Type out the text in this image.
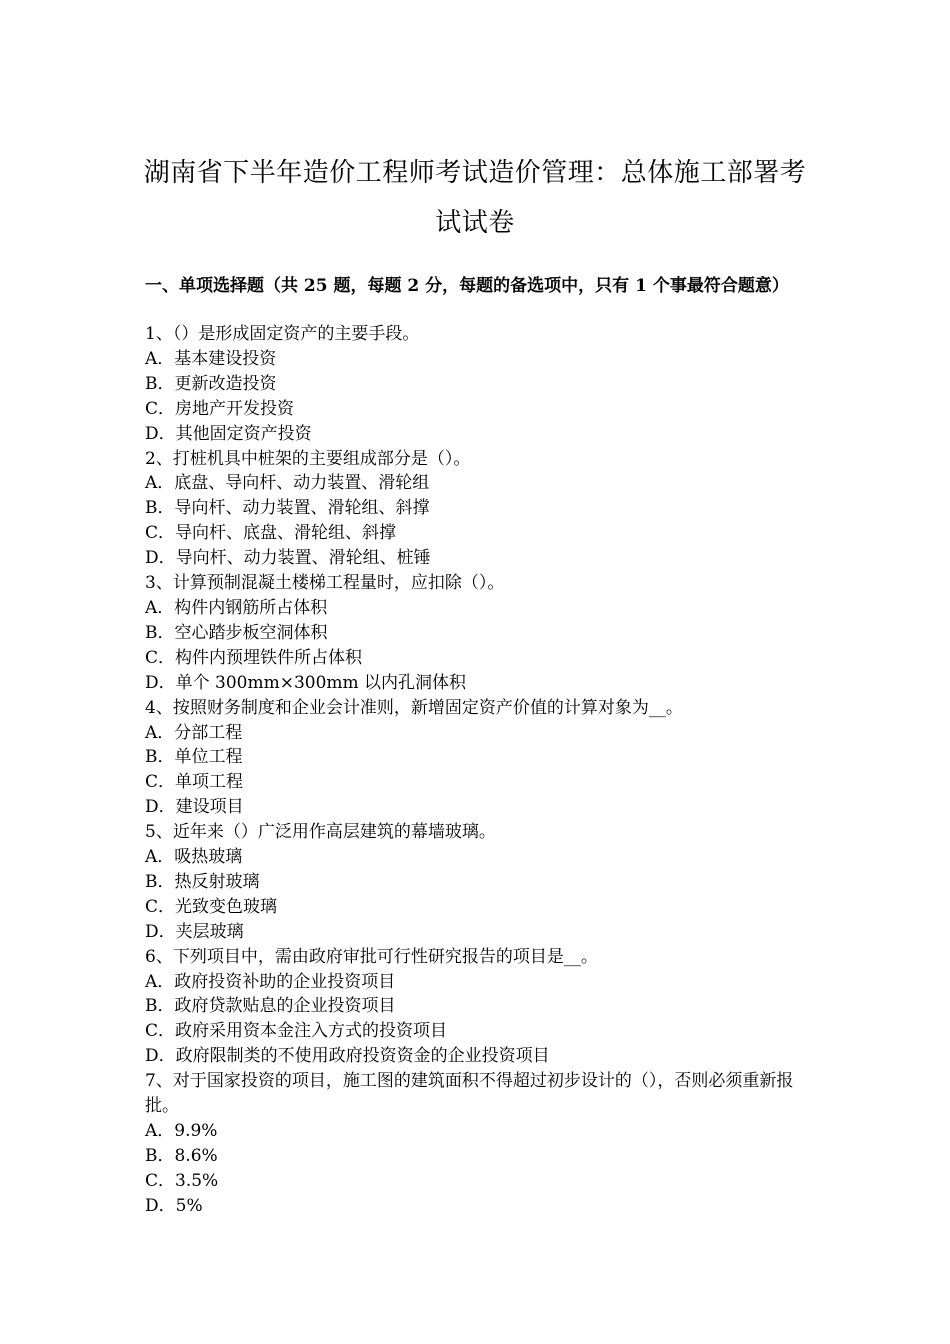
湖南省下半年造价工程师考试造价管理：总体施工部署考
试试卷
一、单项选择题（共 25 题，每题 2 分，每题的备选项中，只有 1 个事最符合题意）

1、（）是形成固定资产的主要手段。

A．基本建设投资

B．更新改造投资

C．房地产开发投资

D．其他固定资产投资

2、打桩机具中桩架的主要组成部分是（）。

A．底盘、导向杆、动力装置、滑轮组

B．导向杆、动力装置、滑轮组、斜撑

C．导向杆、底盘、滑轮组、斜撑

D．导向杆、动力装置、滑轮组、桩锤

3、计算预制混凝土楼梯工程量时，应扣除（）。

A．构件内钢筋所占体积

B．空心踏步板空洞体积

C．构件内预埋铁件所占体积

D．单个 300mm×300mm 以内孔洞体积

4、按照财务制度和企业会计准则，新增固定资产价值的计算对象为__。

A．分部工程

B．单位工程

C．单项工程

D．建设项目

5、近年来（）广泛用作高层建筑的幕墙玻璃。

A．吸热玻璃

B．热反射玻璃

C．光致变色玻璃

D．夹层玻璃

6、下列项目中，需由政府审批可行性研究报告的项目是__。

A．政府投资补助的企业投资项目

B．政府贷款贴息的企业投资项目

C．政府采用资本金注入方式的投资项目

D．政府限制类的不使用政府投资资金的企业投资项目

7、对于国家投资的项目，施工图的建筑面积不得超过初步设计的（），否则必须重新报批。

A．9.9%

B．8.6%

C．3.5%

D．5%
